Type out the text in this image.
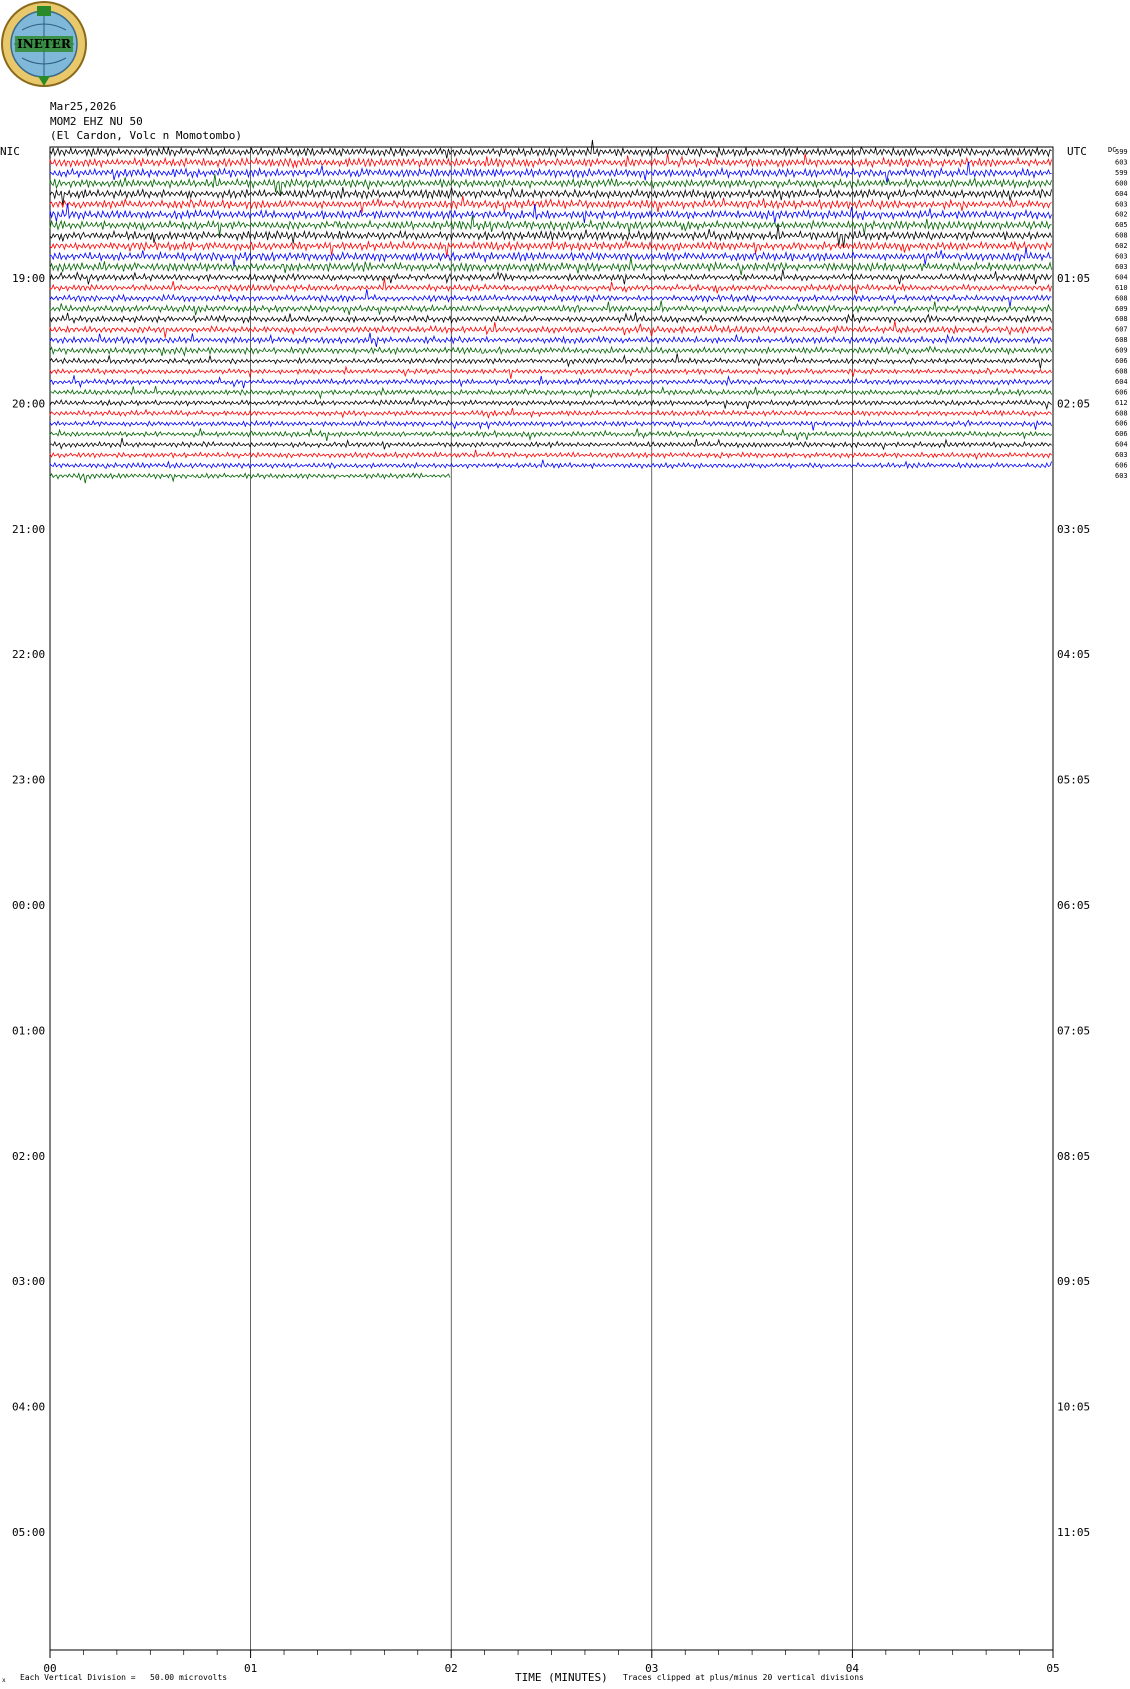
INETER
Mar25,2026
MOM2 EHZ NU 50
(El Cardon, Volc n Momotombo)
NIC	UTC	DC
19:00
20:00
21:00
22:00
23:00
00:00
01:00
02:00
03:00
04:00
05:00
01:05
02:05
03:05
04:05
05:05
06:05
07:05
08:05
09:05
10:05
11:05
599
603
599
600
604
603
602
605
608
602
603
603
604
610
608
609
608
607
608
609
606
608
604
606
612
608
606
606
604
603
606
603
00	01	02	03	04	05
x Each Vertical Division =   50.00 microvolts	TIME (MINUTES) Traces clipped at plus/minus 20 vertical divisions
